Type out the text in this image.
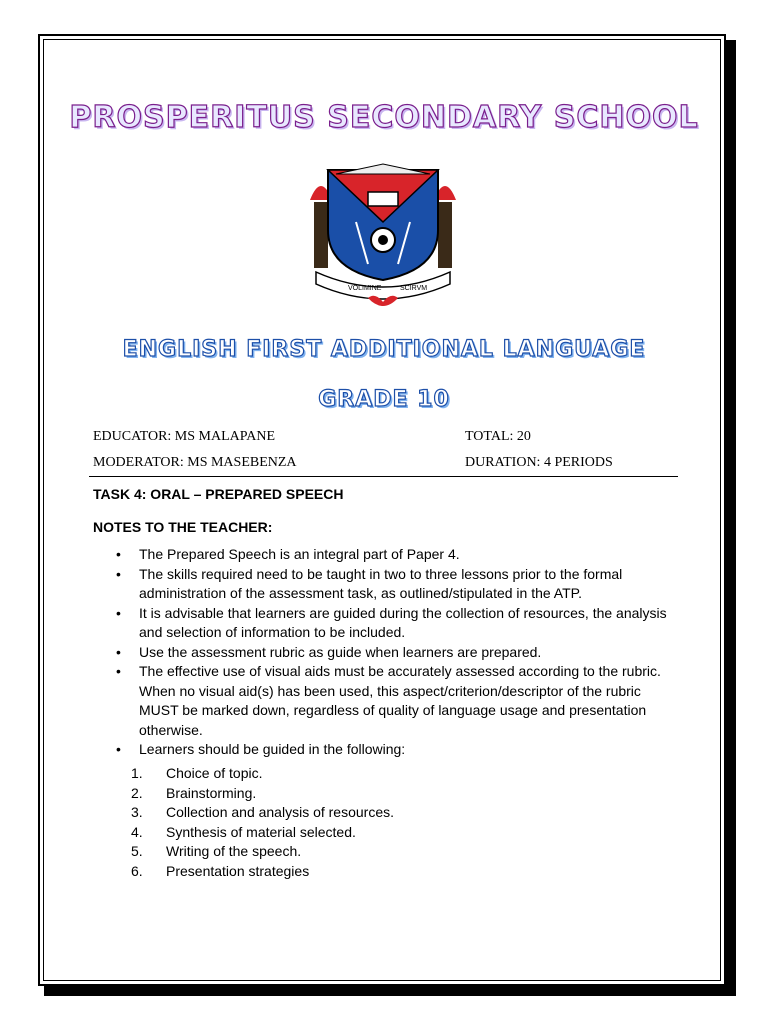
PROSPERITUS SECONDARY SCHOOL
VOLIMINE	SCIRVM
ENGLISH FIRST ADDITIONAL LANGUAGE
GRADE 10
EDUCATOR: MS MALAPANE	TOTAL: 20
MODERATOR: MS MASEBENZA	DURATION: 4 PERIODS
TASK 4: ORAL – PREPARED SPEECH
NOTES TO THE TEACHER:
• The Prepared Speech is an integral part of Paper 4.
• The skills required need to be taught in two to three lessons prior to the formal administration of the assessment task, as outlined/stipulated in the ATP.
• It is advisable that learners are guided during the collection of resources, the analysis and selection of information to be included.
• Use the assessment rubric as guide when learners are prepared.
• The effective use of visual aids must be accurately assessed according to the rubric. When no visual aid(s) has been used, this aspect/criterion/descriptor of the rubric MUST be marked down, regardless of quality of language usage and presentation otherwise.
• Learners should be guided in the following:
1. Choice of topic.
2. Brainstorming.
3. Collection and analysis of resources.
4. Synthesis of material selected.
5. Writing of the speech.
6. Presentation strategies
